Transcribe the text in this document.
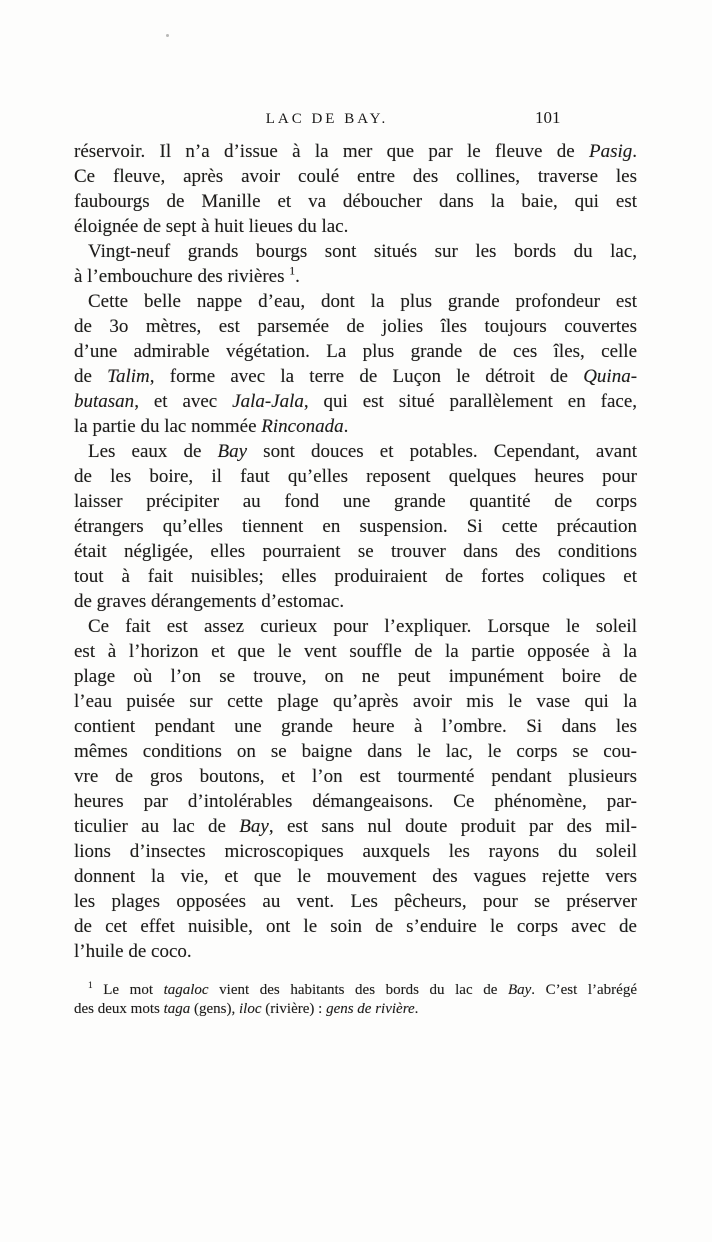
LAC DE BAY.	101
réservoir. Il n’a d’issue à la mer que par le fleuve de Pasig.
Ce fleuve, après avoir coulé entre des collines, traverse les
faubourgs de Manille et va déboucher dans la baie, qui est
éloignée de sept à huit lieues du lac.
Vingt-neuf grands bourgs sont situés sur les bords du lac,
à l’embouchure des rivières $^1$.
Cette belle nappe d’eau, dont la plus grande profondeur est
de 3o mètres, est parsemée de jolies îles toujours couvertes
d’une admirable végétation. La plus grande de ces îles, celle
de Talim, forme avec la terre de Luçon le détroit de Quina-
butasan, et avec Jala-Jala, qui est situé parallèlement en face,
la partie du lac nommée Rinconada.
Les eaux de Bay sont douces et potables. Cependant, avant
de les boire, il faut qu’elles reposent quelques heures pour
laisser précipiter au fond une grande quantité de corps
étrangers qu’elles tiennent en suspension. Si cette précaution
était négligée, elles pourraient se trouver dans des conditions
tout à fait nuisibles; elles produiraient de fortes coliques et
de graves dérangements d’estomac.
Ce fait est assez curieux pour l’expliquer. Lorsque le soleil
est à l’horizon et que le vent souffle de la partie opposée à la
plage où l’on se trouve, on ne peut impunément boire de
l’eau puisée sur cette plage qu’après avoir mis le vase qui la
contient pendant une grande heure à l’ombre. Si dans les
mêmes conditions on se baigne dans le lac, le corps se cou-
vre de gros boutons, et l’on est tourmenté pendant plusieurs
heures par d’intolérables démangeaisons. Ce phénomène, par-
ticulier au lac de Bay, est sans nul doute produit par des mil-
lions d’insectes microscopiques auxquels les rayons du soleil
donnent la vie, et que le mouvement des vagues rejette vers
les plages opposées au vent. Les pêcheurs, pour se préserver
de cet effet nuisible, ont le soin de s’enduire le corps avec de
l’huile de coco.
$^1$ Le mot tagaloc vient des habitants des bords du lac de Bay. C’est l’abrégé
des deux mots taga (gens), iloc (rivière) : gens de rivière.
